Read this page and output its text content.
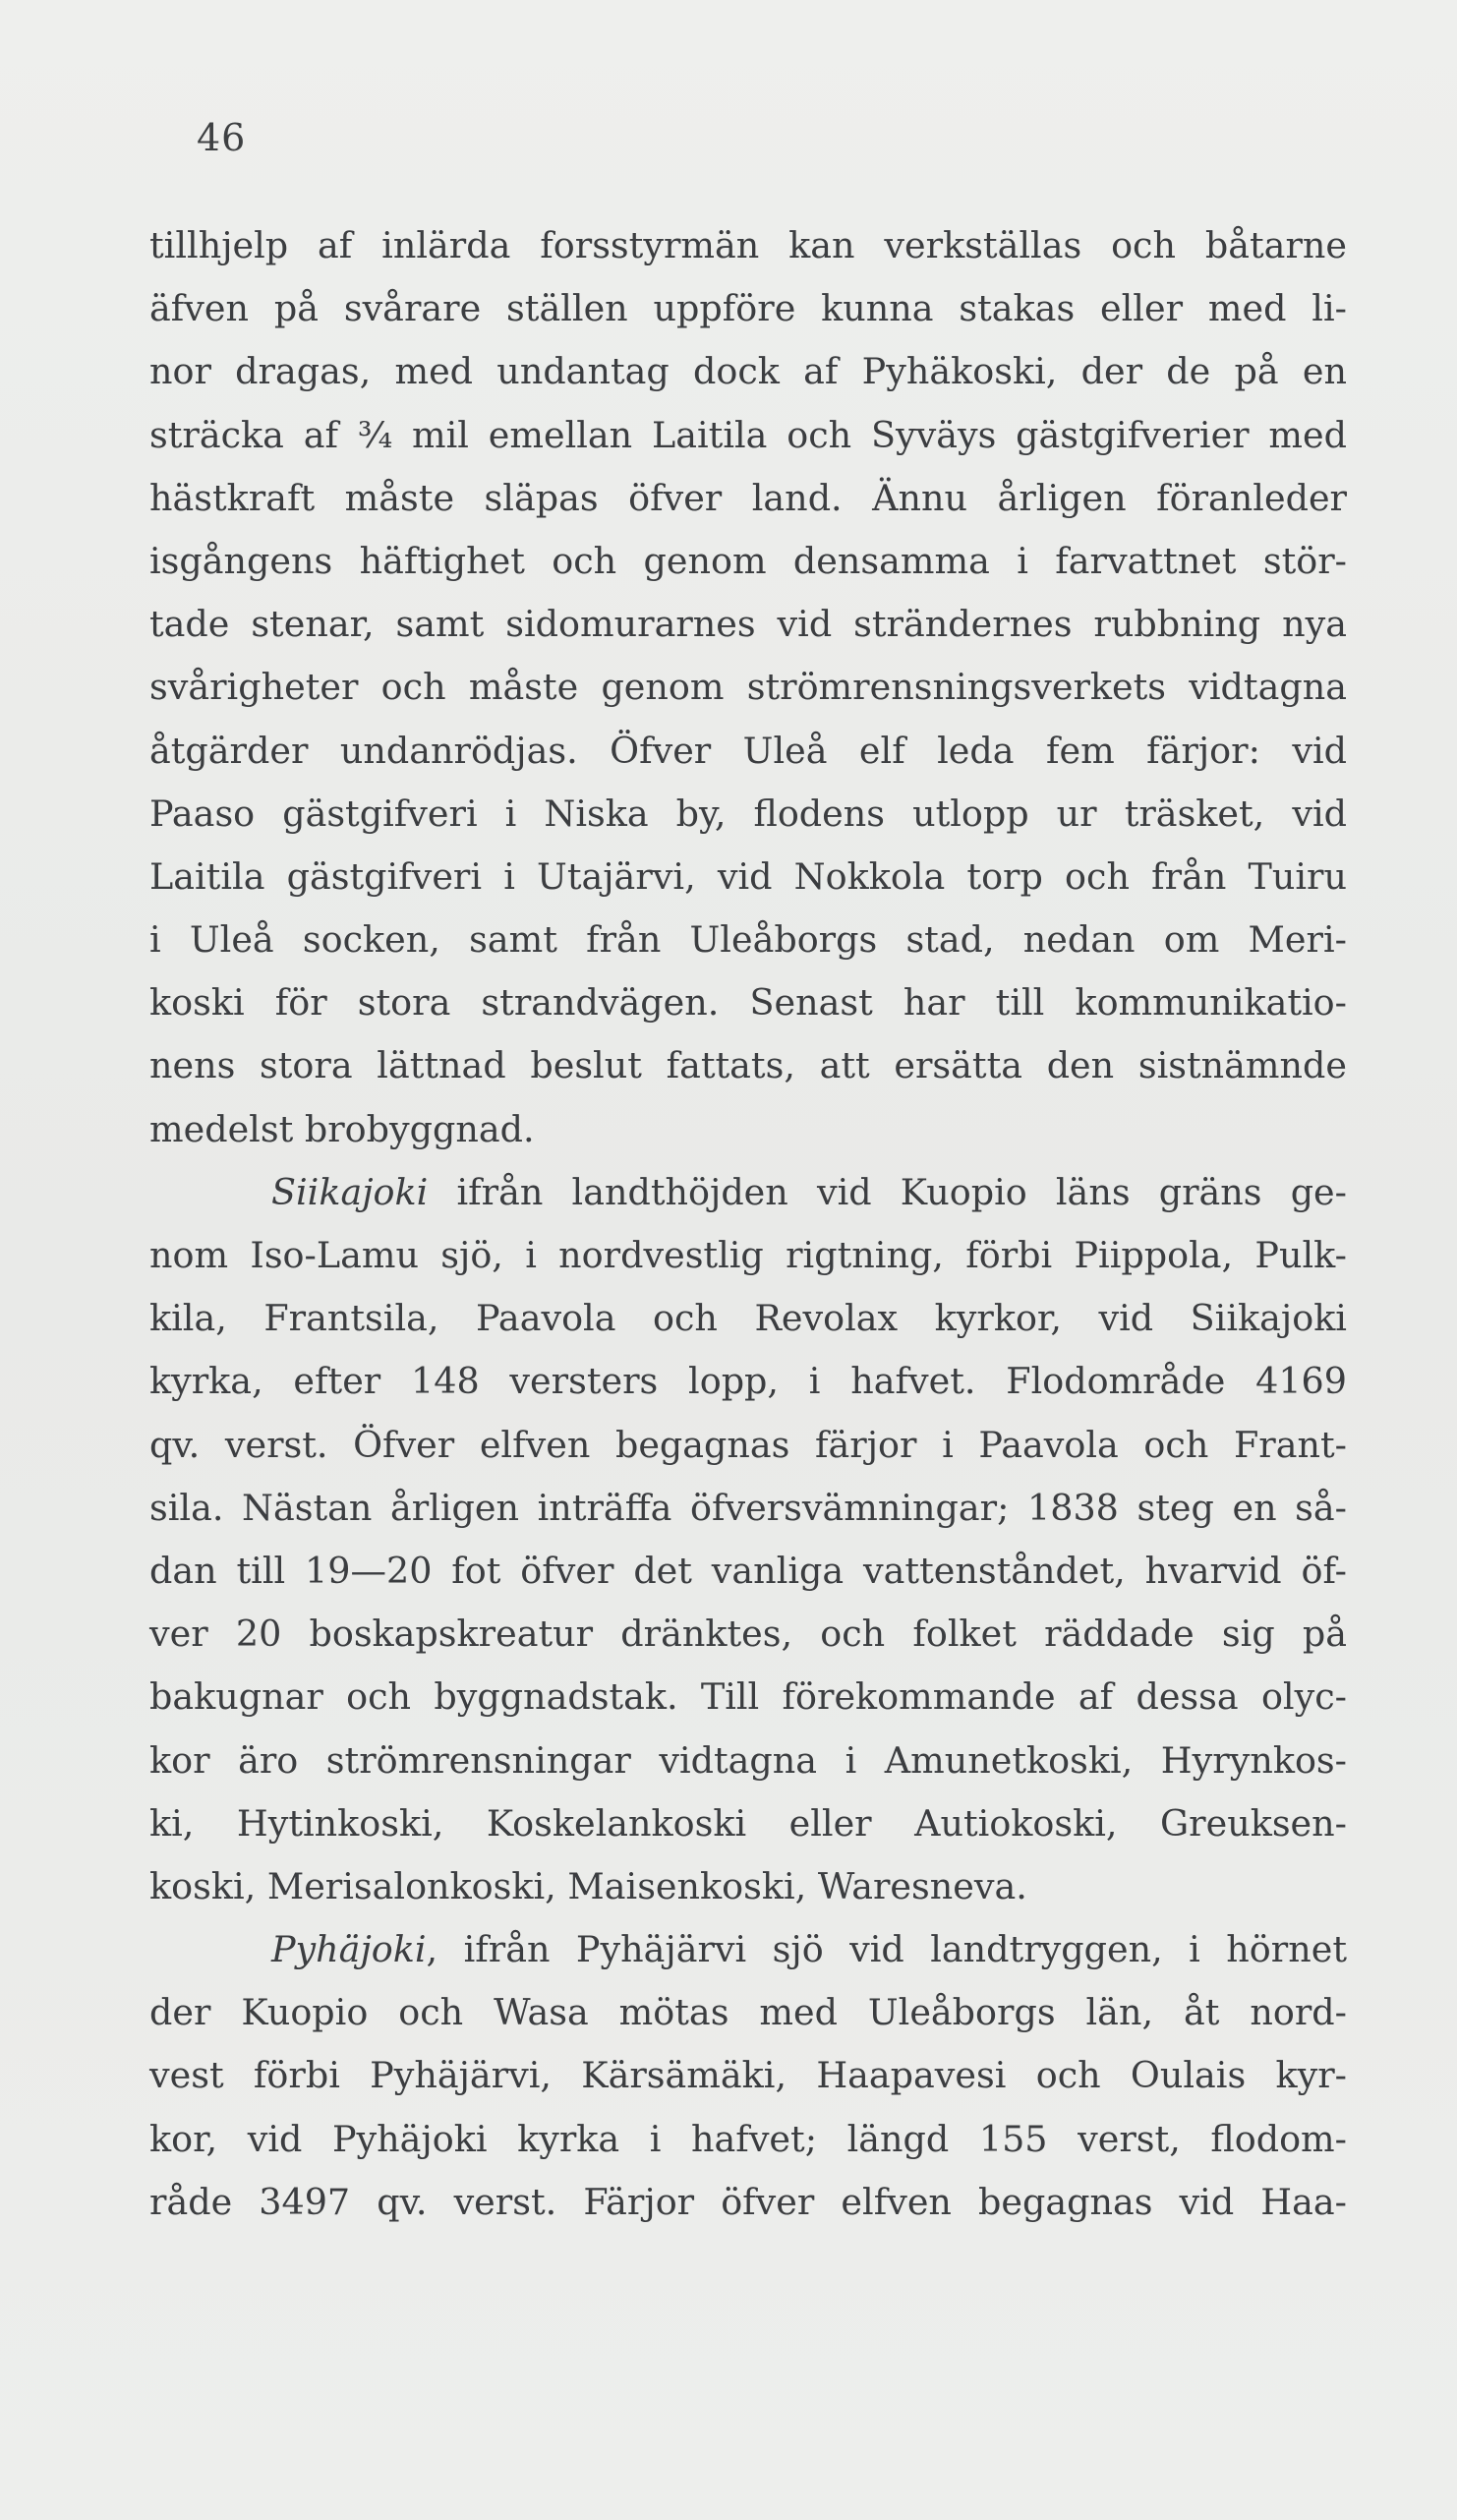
46
tillhjelp af inlärda forsstyrmän kan verkställas och båtarne
äfven på svårare ställen uppföre kunna stakas eller med li-
nor dragas, med undantag dock af Pyhäkoski, der de på en
sträcka af ¾ mil emellan Laitila och Syväys gästgifverier med
hästkraft måste släpas öfver land. Ännu årligen föranleder
isgångens häftighet och genom densamma i farvattnet stör-
tade stenar, samt sidomurarnes vid strändernes rubbning nya
svårigheter och måste genom strömrensningsverkets vidtagna
åtgärder undanrödjas. Öfver Uleå elf leda fem färjor: vid
Paaso gästgifveri i Niska by, flodens utlopp ur träsket, vid
Laitila gästgifveri i Utajärvi, vid Nokkola torp och från Tuiru
i Uleå socken, samt från Uleåborgs stad, nedan om Meri-
koski för stora strandvägen. Senast har till kommunikatio-
nens stora lättnad beslut fattats, att ersätta den sistnämnde
medelst brobyggnad.
Siikajoki ifrån landthöjden vid Kuopio läns gräns ge-
nom Iso-Lamu sjö, i nordvestlig rigtning, förbi Piippola, Pulk-
kila, Frantsila, Paavola och Revolax kyrkor, vid Siikajoki
kyrka, efter 148 versters lopp, i hafvet. Flodområde 4169
qv. verst. Öfver elfven begagnas färjor i Paavola och Frant-
sila. Nästan årligen inträffa öfversvämningar; 1838 steg en så-
dan till 19—20 fot öfver det vanliga vattenståndet, hvarvid öf-
ver 20 boskapskreatur dränktes, och folket räddade sig på
bakugnar och byggnadstak. Till förekommande af dessa olyc-
kor äro strömrensningar vidtagna i Amunetkoski, Hyrynkos-
ki, Hytinkoski, Koskelankoski eller Autiokoski, Greuksen-
koski, Merisalonkoski, Maisenkoski, Waresneva.
Pyhäjoki, ifrån Pyhäjärvi sjö vid landtryggen, i hörnet
der Kuopio och Wasa mötas med Uleåborgs län, åt nord-
vest förbi Pyhäjärvi, Kärsämäki, Haapavesi och Oulais kyr-
kor, vid Pyhäjoki kyrka i hafvet; längd 155 verst, flodom-
råde 3497 qv. verst. Färjor öfver elfven begagnas vid Haa-
